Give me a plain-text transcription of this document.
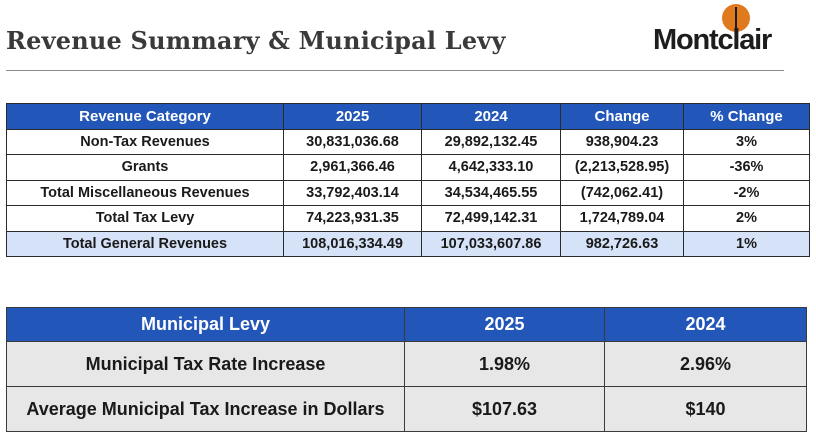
Revenue Summary & Municipal Levy	Montclair
Revenue Category	2025	2024	Change	% Change
Non-Tax Revenues	30,831,036.68	29,892,132.45	938,904.23	3%
Grants	2,961,366.46	4,642,333.10	(2,213,528.95)	-36%
Total Miscellaneous Revenues	33,792,403.14	34,534,465.55	(742,062.41)	-2%
Total Tax Levy	74,223,931.35	72,499,142.31	1,724,789.04	2%
Total General Revenues	108,016,334.49	107,033,607.86	982,726.63	1%
Municipal Levy	2025	2024
Municipal Tax Rate Increase	1.98%	2.96%
Average Municipal Tax Increase in Dollars	$107.63	$140
